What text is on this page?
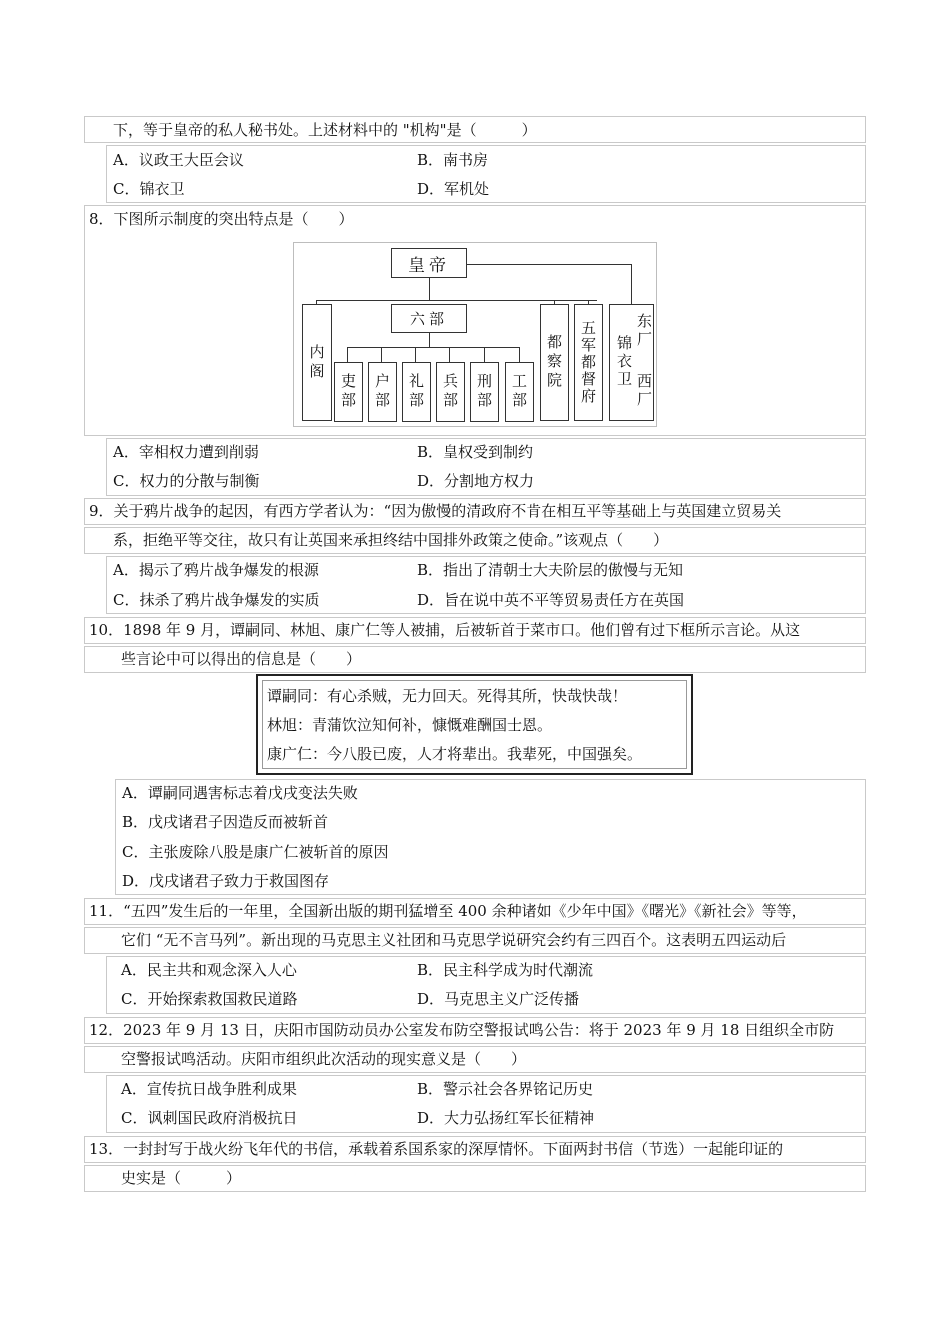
下，等于皇帝的私人秘书处。上述材料中的 "机构"是（　　　）
A．议政王大臣会议	B．南书房
C．锦衣卫	D．军机处
8．下图所示制度的突出特点是（　　）
皇帝
六部
内阁
吏部	户部	礼部	兵部	刑部	工部
都察院	五军都督府	东厂
锦衣卫
西厂
A．宰相权力遭到削弱	B．皇权受到制约
C．权力的分散与制衡	D．分割地方权力
9．关于鸦片战争的起因，有西方学者认为：“因为傲慢的清政府不肯在相互平等基础上与英国建立贸易关
系，拒绝平等交往，故只有让英国来承担终结中国排外政策之使命。”该观点（　　）
A．揭示了鸦片战争爆发的根源	B．指出了清朝士大夫阶层的傲慢与无知
C．抹杀了鸦片战争爆发的实质	D．旨在说中英不平等贸易责任方在英国
10．1898 年 9 月，谭嗣同、林旭、康广仁等人被捕，后被斩首于菜市口。他们曾有过下框所示言论。从这
些言论中可以得出的信息是（　　）
谭嗣同：有心杀贼，无力回天。死得其所，快哉快哉！
林旭：青蒲饮泣知何补，慷慨难酬国士恩。
康广仁：今八股已废，人才将辈出。我辈死，中国强矣。
A．谭嗣同遇害标志着戊戌变法失败
B．戊戌诸君子因造反而被斩首
C．主张废除八股是康广仁被斩首的原因
D．戊戌诸君子致力于救国图存
11．“五四”发生后的一年里，全国新出版的期刊猛增至 400 余种诸如《少年中国》《曙光》《新社会》等等，
它们 “无不言马列”。新出现的马克思主义社团和马克思学说研究会约有三四百个。这表明五四运动后
A．民主共和观念深入人心	B．民主科学成为时代潮流
C．开始探索救国救民道路	D．马克思主义广泛传播
12．2023 年 9 月 13 日，庆阳市国防动员办公室发布防空警报试鸣公告：将于 2023 年 9 月 18 日组织全市防
空警报试鸣活动。庆阳市组织此次活动的现实意义是（　　）
A．宣传抗日战争胜利成果	B．警示社会各界铭记历史
C．讽刺国民政府消极抗日	D．大力弘扬红军长征精神
13．一封封写于战火纷飞年代的书信，承载着系国系家的深厚情怀。下面两封书信（节选）一起能印证的
史实是（　　　）
